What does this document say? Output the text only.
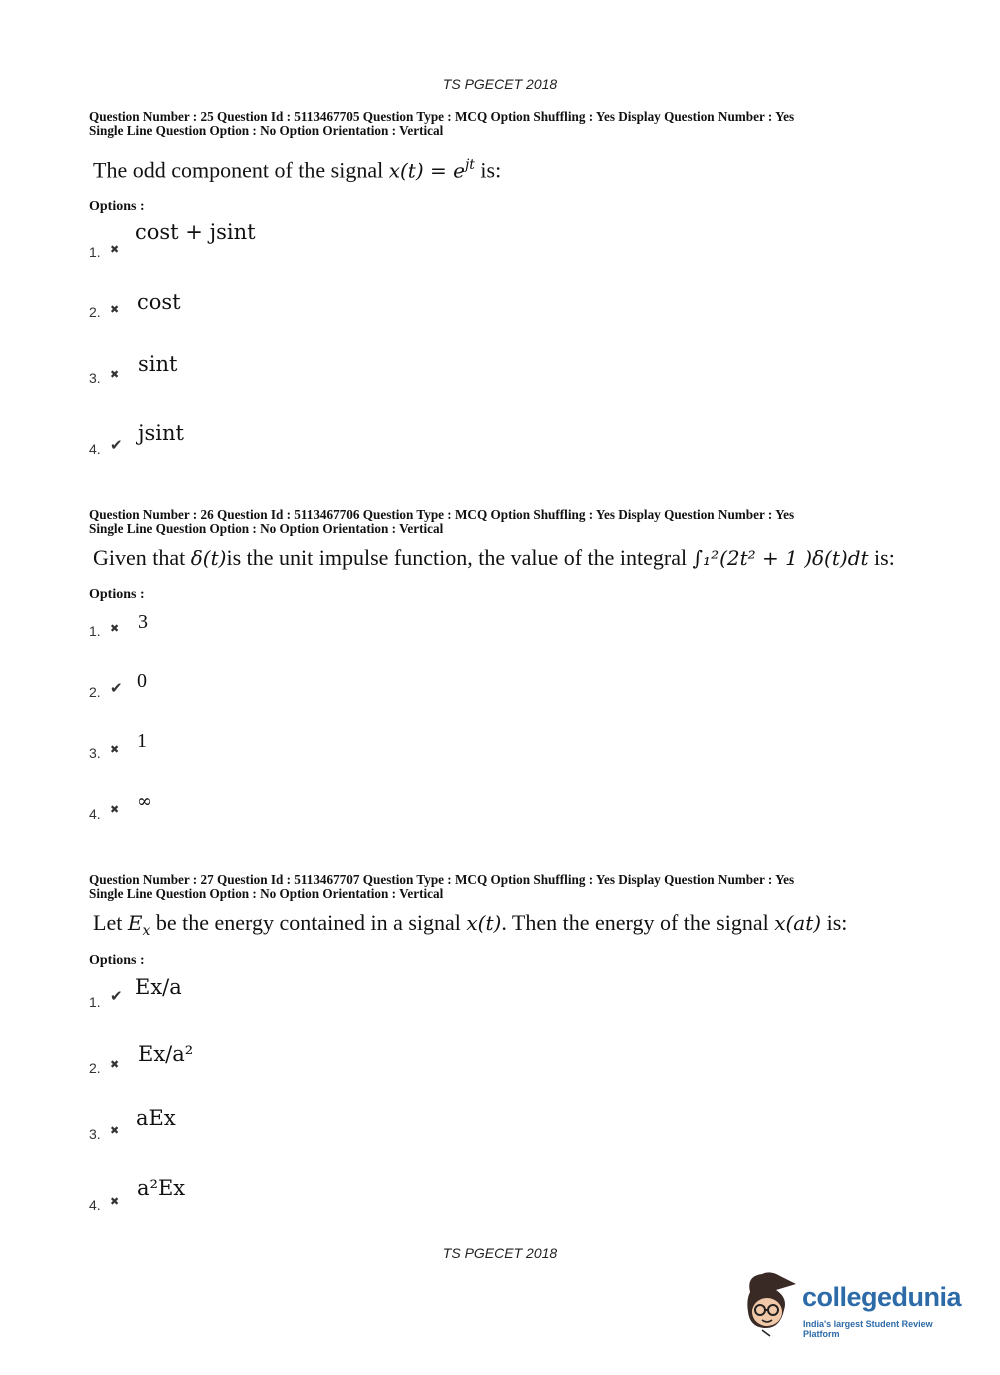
TS PGECET 2018
Question Number : 25 Question Id : 5113467705 Question Type : MCQ Option Shuffling : Yes Display Question Number : Yes
Single Line Question Option : No Option Orientation : Vertical
The odd component of the signal $x(t) = e^{jt}$ is:
Options :
1. ✖
cost + jsint
2. ✖ cost
3. ✖ sint
4. ✔ jsint
Question Number : 26 Question Id : 5113467706 Question Type : MCQ Option Shuffling : Yes Display Question Number : Yes
Single Line Question Option : No Option Orientation : Vertical
Given that δ(t)is the unit impulse function, the value of the integral ∫₁²(2t² + 1 )δ(t)dt is:
Options :
1. ✖ 3
2. ✔ 0
3. ✖ 1
4. ✖ ∞
Question Number : 27 Question Id : 5113467707 Question Type : MCQ Option Shuffling : Yes Display Question Number : Yes
Single Line Question Option : No Option Orientation : Vertical
Let $E_x$ be the energy contained in a signal x(t). Then the energy of the signal x(at) is:
Options :
1. ✔ Ex/a
2. ✖ Ex/a²
3. ✖
aEx
4. ✖
a²Ex
TS PGECET 2018
collegedunia
India's largest Student Review Platform
